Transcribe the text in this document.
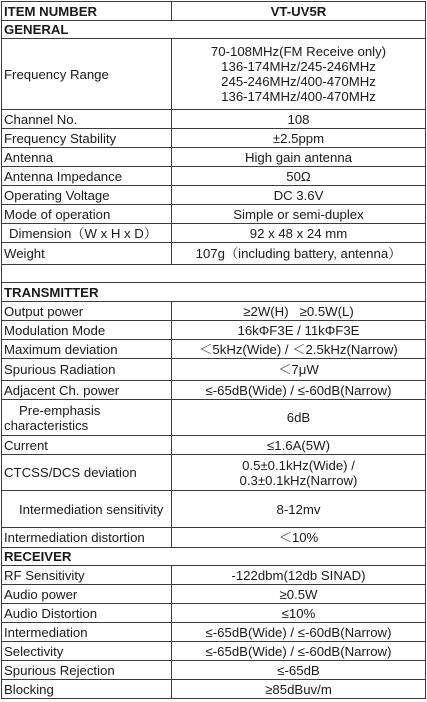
ITEM NUMBER	VT-UV5R
GENERAL	
Frequency Range	70-108MHz(FM Receive only)
136-174MHz/245-246MHz
245-246MHz/400-470MHz
136-174MHz/400-470MHz

Channel No.	108
Frequency Stability	±2.5ppm
Antenna	High gain antenna
Antenna Impedance	50Ω
Operating Voltage	DC 3.6V
Mode of operation	Simple or semi-duplex
Dimension（W x H x D）	92 x 48 x 24 mm
Weight	107g（including battery, antenna）

TRANSMITTER	
Output power	≥2W(H)   ≥0.5W(L)
Modulation Mode	16kΦF3E / 11kΦF3E
Maximum deviation	＜5kHz(Wide) / ＜2.5kHz(Narrow)
Spurious Radiation	＜7μW
Adjacent Ch. power	≤-65dB(Wide) / ≤-60dB(Narrow)
Pre-emphasis characteristics	6dB
Current	≤1.6A(5W)
CTCSS/DCS deviation	0.5±0.1kHz(Wide) /
0.3±0.1kHz(Narrow)

Intermediation sensitivity	8-12mv
Intermediation distortion	＜10%
RECEIVER	
RF Sensitivity	-122dbm(12db SINAD)
Audio power	≥0.5W
Audio Distortion	≤10%
Intermediation	≤-65dB(Wide) / ≤-60dB(Narrow)
Selectivity	≤-65dB(Wide) / ≤-60dB(Narrow)
Spurious Rejection	≤-65dB
Blocking	≥85dBuv/m
